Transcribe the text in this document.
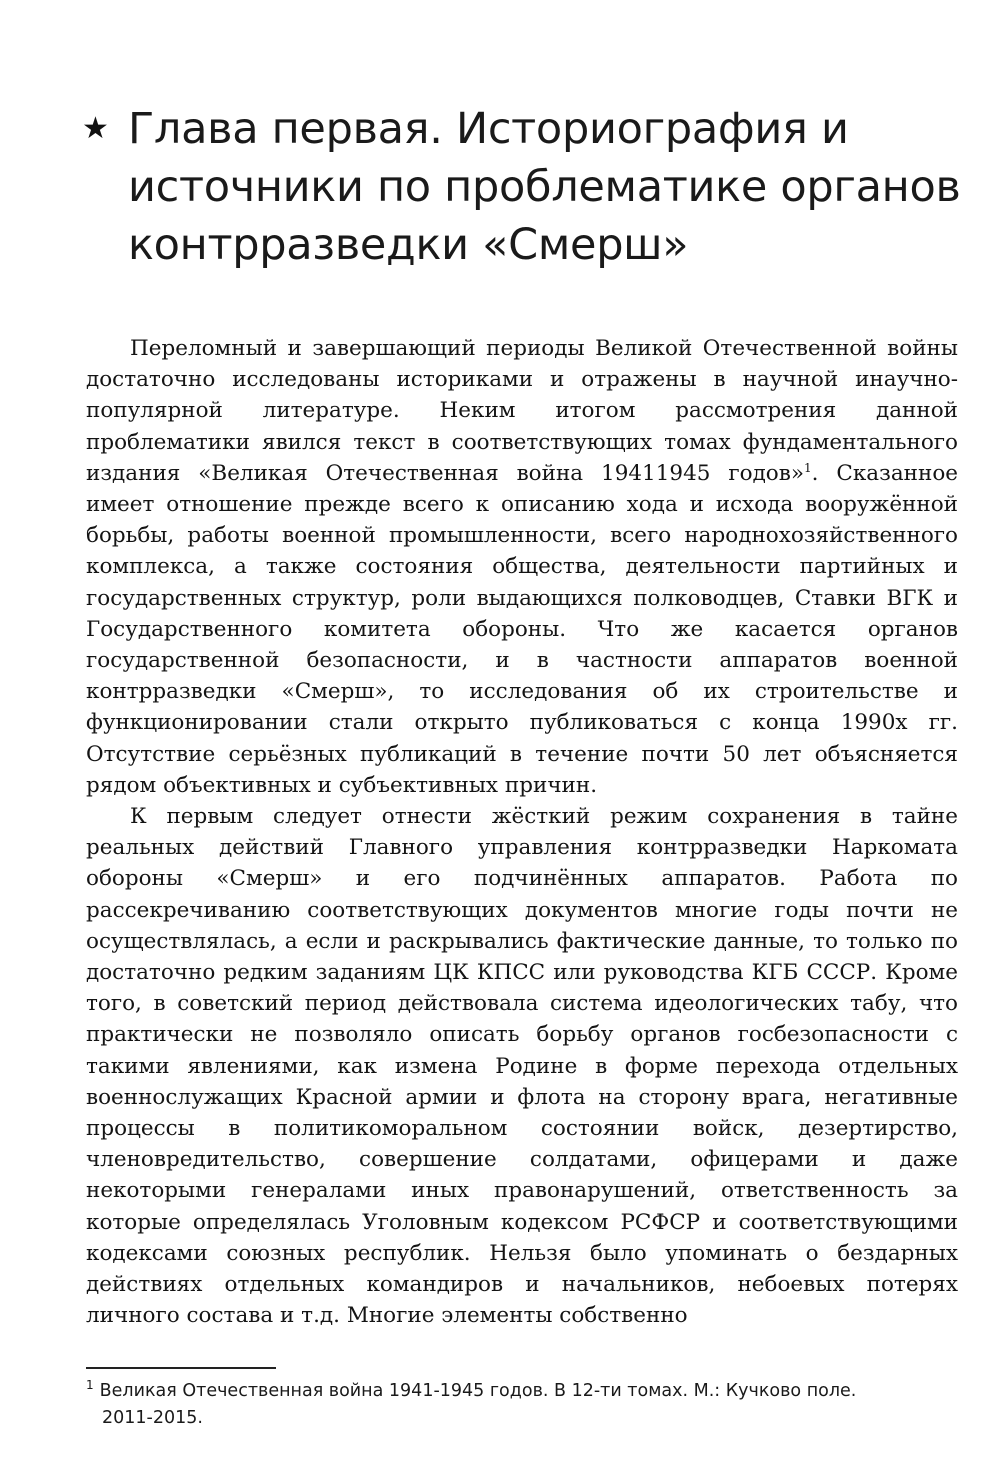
★ Глава первая. Историография и источники по проблематике органов контрразведки «Смерш»

Переломный и завершающий периоды Великой Отечественной войны достаточно исследованы историками и отражены в научной инаучнопопулярной литературе. Неким итогом рассмотрения данной проблематики явился текст в соответствующих томах фундаментального издания «Великая Отечественная война 19411945 годов»$^1$. Сказанное имеет отношение прежде всего к описанию хода и исхода вооружённой борьбы, работы военной промышленности, всего народнохозяйственного комплекса, а также состояния общества, деятельности партийных и государственных структур, роли выдающихся полководцев, Ставки ВГК и Государственного комитета обороны. Что же касается органов государственной безопасности, и в частности аппаратов военной контрразведки «Смерш», то исследования об их строительстве и функционировании стали открыто публиковаться с конца 1990х гг. Отсутствие серьёзных публикаций в течение почти 50 лет объясняется рядом объективных и субъективных причин.

К первым следует отнести жёсткий режим сохранения в тайне реальных действий Главного управления контрразведки Наркомата обороны «Смерш» и его подчинённых аппаратов. Работа по рассекречиванию соответствующих документов многие годы почти не осуществлялась, а если и раскрывались фактические данные, то только по достаточно редким заданиям ЦК КПСС или руководства КГБ СССР. Кроме того, в советский период действовала система идеологических табу, что практически не позволяло описать борьбу органов госбезопасности с такими явлениями, как измена Родине в форме перехода отдельных военнослужащих Красной армии и флота на сторону врага, негативные процессы в политикоморальном состоянии войск, дезертирство, членовредительство, совершение солдатами, офицерами и даже некоторыми генералами иных правонарушений, ответственность за которые определялась Уголовным кодексом РСФСР и соответствующими кодексами союзных республик. Нельзя было упоминать о бездарных действиях отдельных командиров и начальников, небоевых потерях личного состава и т.д. Многие элементы собственно

$^1$ Великая Отечественная война 1941-1945 годов. В 12-ти томах. М.: Кучково поле.
2011-2015.
